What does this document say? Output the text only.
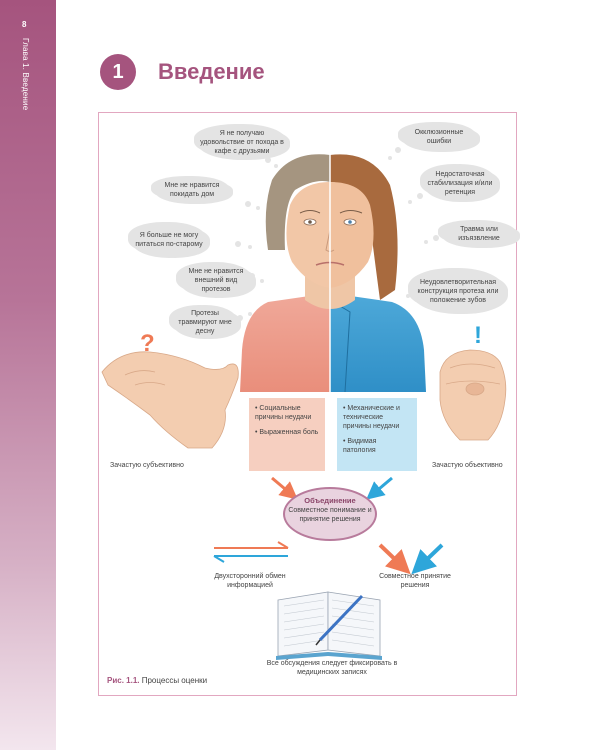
8
Глава 1. Введение	1	Введение
?	!
Я не получаю удовольствие от похода в кафе с друзьями
Мне не нравится покидать дом
Я больше не могу питаться по-старому
Мне не нравится внешний вид протезов
Протезы травмируют мне десну
Окклюзионные ошибки
Недостаточная стабилизация и/или ретенция
Травма или изъязвление
Неудовлетворительная конструкция протеза или положение зубов
• Социальные причины неудачи
• Выраженная боль
• Механические и технические причины неудачи
• Видимая патология
Зачастую субъективно	Зачастую объективно
Объединение
Совместное понимание и принятие решения
Двухсторонний обмен информацией
Совместное принятие решения
Все обсуждения следует фиксировать в медицинских записях
Рис. 1.1. Процессы оценки
